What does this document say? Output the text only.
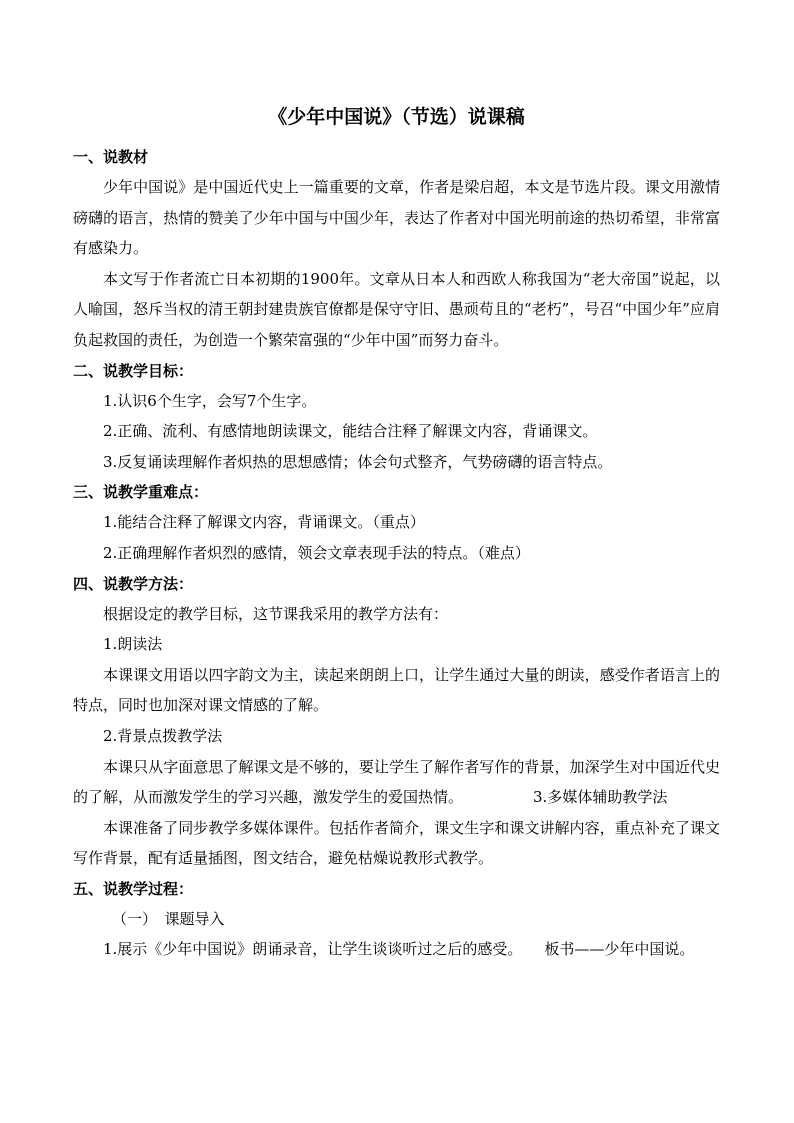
《少年中国说》（节选）说课稿
一、说教材

少年中国说》是中国近代史上一篇重要的文章，作者是梁启超，本文是节选片段。课文用激情磅礴的语言，热情的赞美了少年中国与中国少年，表达了作者对中国光明前途的热切希望，非常富有感染力。

本文写于作者流亡日本初期的1900年。文章从日本人和西欧人称我国为“老大帝国”说起，以人喻国，怒斥当权的清王朝封建贵族官僚都是保守守旧、愚顽苟且的“老朽”，号召“中国少年”应肩负起救国的责任，为创造一个繁荣富强的“少年中国”而努力奋斗。

二、说教学目标：

1.认识6个生字，会写7个生字。

2.正确、流利、有感情地朗读课文，能结合注释了解课文内容，背诵课文。

3.反复诵读理解作者炽热的思想感情；体会句式整齐，气势磅礴的语言特点。

三、说教学重难点：

1.能结合注释了解课文内容，背诵课文。（重点）

2.正确理解作者炽烈的感情，领会文章表现手法的特点。（难点）

四、说教学方法：

根据设定的教学目标，这节课我采用的教学方法有：

1.朗读法

本课课文用语以四字韵文为主，读起来朗朗上口，让学生通过大量的朗读，感受作者语言上的特点，同时也加深对课文情感的了解。

2.背景点拨教学法

本课只从字面意思了解课文是不够的，要让学生了解作者写作的背景，加深学生对中国近代史的了解，从而激发学生的学习兴趣，激发学生的爱国热情。	3.多媒体辅助教学法

本课准备了同步教学多媒体课件。包括作者简介，课文生字和课文讲解内容，重点补充了课文写作背景，配有适量插图，图文结合，避免枯燥说教形式教学。

五、说教学过程：

（一）　课题导入

1.展示《少年中国说》朗诵录音，让学生谈谈听过之后的感受。 板书——少年中国说。
